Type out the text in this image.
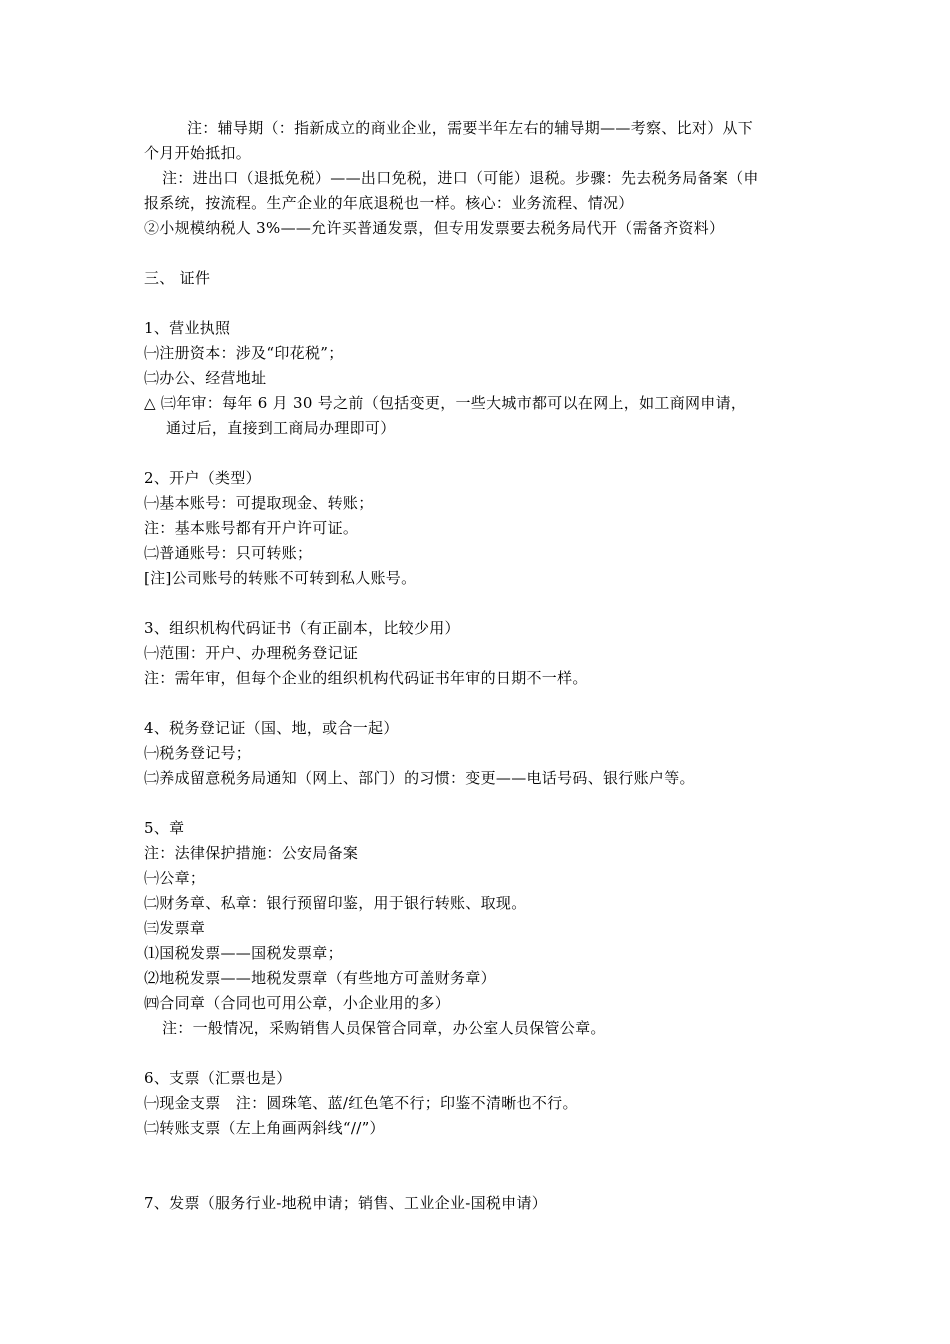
注：辅导期（：指新成立的商业企业，需要半年左右的辅导期——考察、比对）从下
个月开始抵扣。
注：进出口（退抵免税）——出口免税，进口（可能）退税。步骤：先去税务局备案（申
报系统，按流程。生产企业的年底退税也一样。核心：业务流程、情况）
②小规模纳税人 3%——允许买普通发票，但专用发票要去税务局代开（需备齐资料）
三、 证件
1、营业执照
㈠注册资本：涉及“印花税”；
㈡办公、经营地址
△ ㈢年审：每年 6 月 30 号之前（包括变更，一些大城市都可以在网上，如工商网申请，
通过后，直接到工商局办理即可）
2、开户（类型）
㈠基本账号：可提取现金、转账；
注：基本账号都有开户许可证。
㈡普通账号：只可转账；
[注]公司账号的转账不可转到私人账号。
3、组织机构代码证书（有正副本，比较少用）
㈠范围：开户、办理税务登记证
注：需年审，但每个企业的组织机构代码证书年审的日期不一样。
4、税务登记证（国、地，或合一起）
㈠税务登记号；
㈡养成留意税务局通知（网上、部门）的习惯：变更——电话号码、银行账户等。
5、章
注：法律保护措施：公安局备案
㈠公章；
㈡财务章、私章：银行预留印鉴，用于银行转账、取现。
㈢发票章
⑴国税发票——国税发票章；
⑵地税发票——地税发票章（有些地方可盖财务章）
㈣合同章（合同也可用公章，小企业用的多）
注：一般情况，采购销售人员保管合同章，办公室人员保管公章。
6、支票（汇票也是）
㈠现金支票　注：圆珠笔、蓝/红色笔不行；印鉴不清晰也不行。
㈡转账支票（左上角画两斜线“//”）
7、发票（服务行业-地税申请；销售、工业企业-国税申请）
